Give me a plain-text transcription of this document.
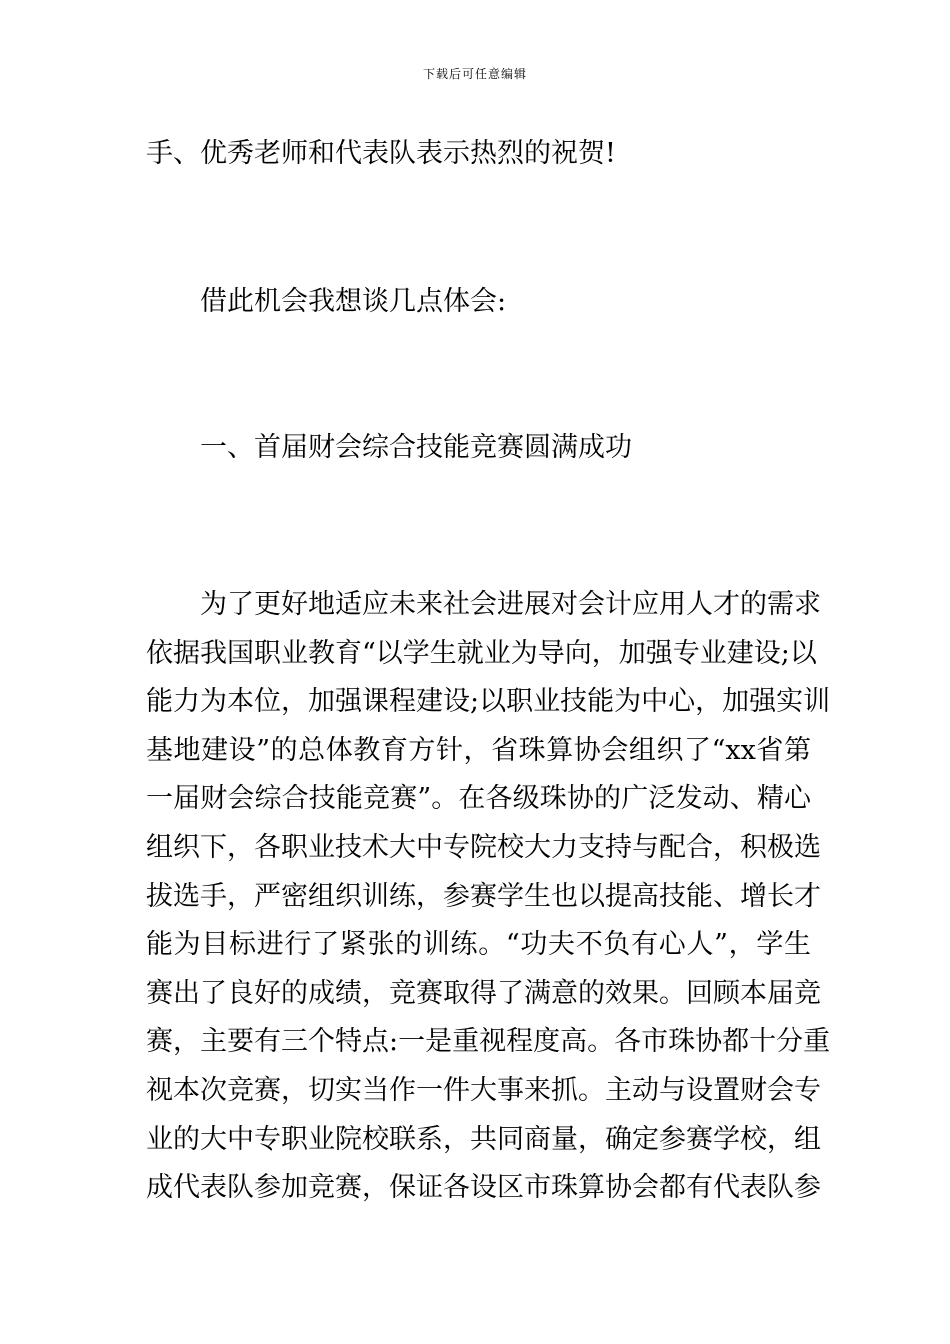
下载后可任意编辑
手、优秀老师和代表队表示热烈的祝贺!
借此机会我想谈几点体会:
一、首届财会综合技能竞赛圆满成功
为了更好地适应未来社会进展对会计应用人才的需求
依据我国职业教育“以学生就业为导向，加强专业建设;以
能力为本位，加强课程建设;以职业技能为中心，加强实训
基地建设”的总体教育方针，省珠算协会组织了“xx省第
一届财会综合技能竞赛”。在各级珠协的广泛发动、精心
组织下，各职业技术大中专院校大力支持与配合，积极选
拔选手，严密组织训练，参赛学生也以提高技能、增长才
能为目标进行了紧张的训练。“功夫不负有心人”，学生
赛出了良好的成绩，竞赛取得了满意的效果。回顾本届竞
赛，主要有三个特点:一是重视程度高。各市珠协都十分重
视本次竞赛，切实当作一件大事来抓。主动与设置财会专
业的大中专职业院校联系，共同商量，确定参赛学校，组
成代表队参加竞赛，保证各设区市珠算协会都有代表队参
